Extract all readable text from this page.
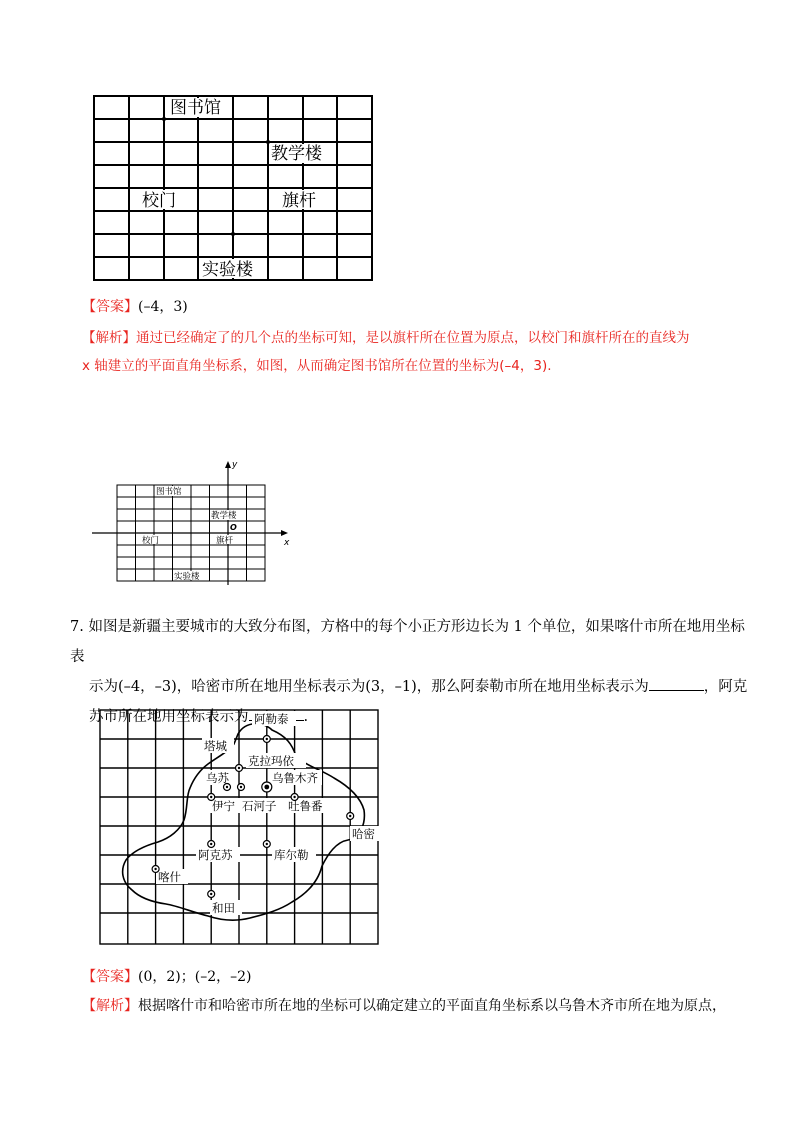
图书馆
教学楼
校门	旗杆
实验楼
【答案】(–4，3)
【解析】通过已经确定了的几个点的坐标可知，是以旗杆所在位置为原点，以校门和旗杆所在的直线为
x 轴建立的平面直角坐标系，如图，从而确定图书馆所在位置的坐标为(–4，3).
y
x
O
图书馆
教学楼
校门	旗杆
实验楼
7. 如图是新疆主要城市的大致分布图，方格中的每个小正方形边长为 1 个单位，如果喀什市所在地用坐标表
示为(–4，–3)，哈密市所在地用坐标表示为(3，–1)，那么阿泰勒市所在地用坐标表示为	，阿克
苏市所在地用坐标表示为	.
阿勒泰
塔城
克拉玛依
乌苏	乌鲁木齐
伊宁 石河子 吐鲁番
哈密
阿克苏	库尔勒
喀什
和田
【答案】(0，2)；(–2，–2)
【解析】根据喀什市和哈密市所在地的坐标可以确定建立的平面直角坐标系以乌鲁木齐市所在地为原点，
